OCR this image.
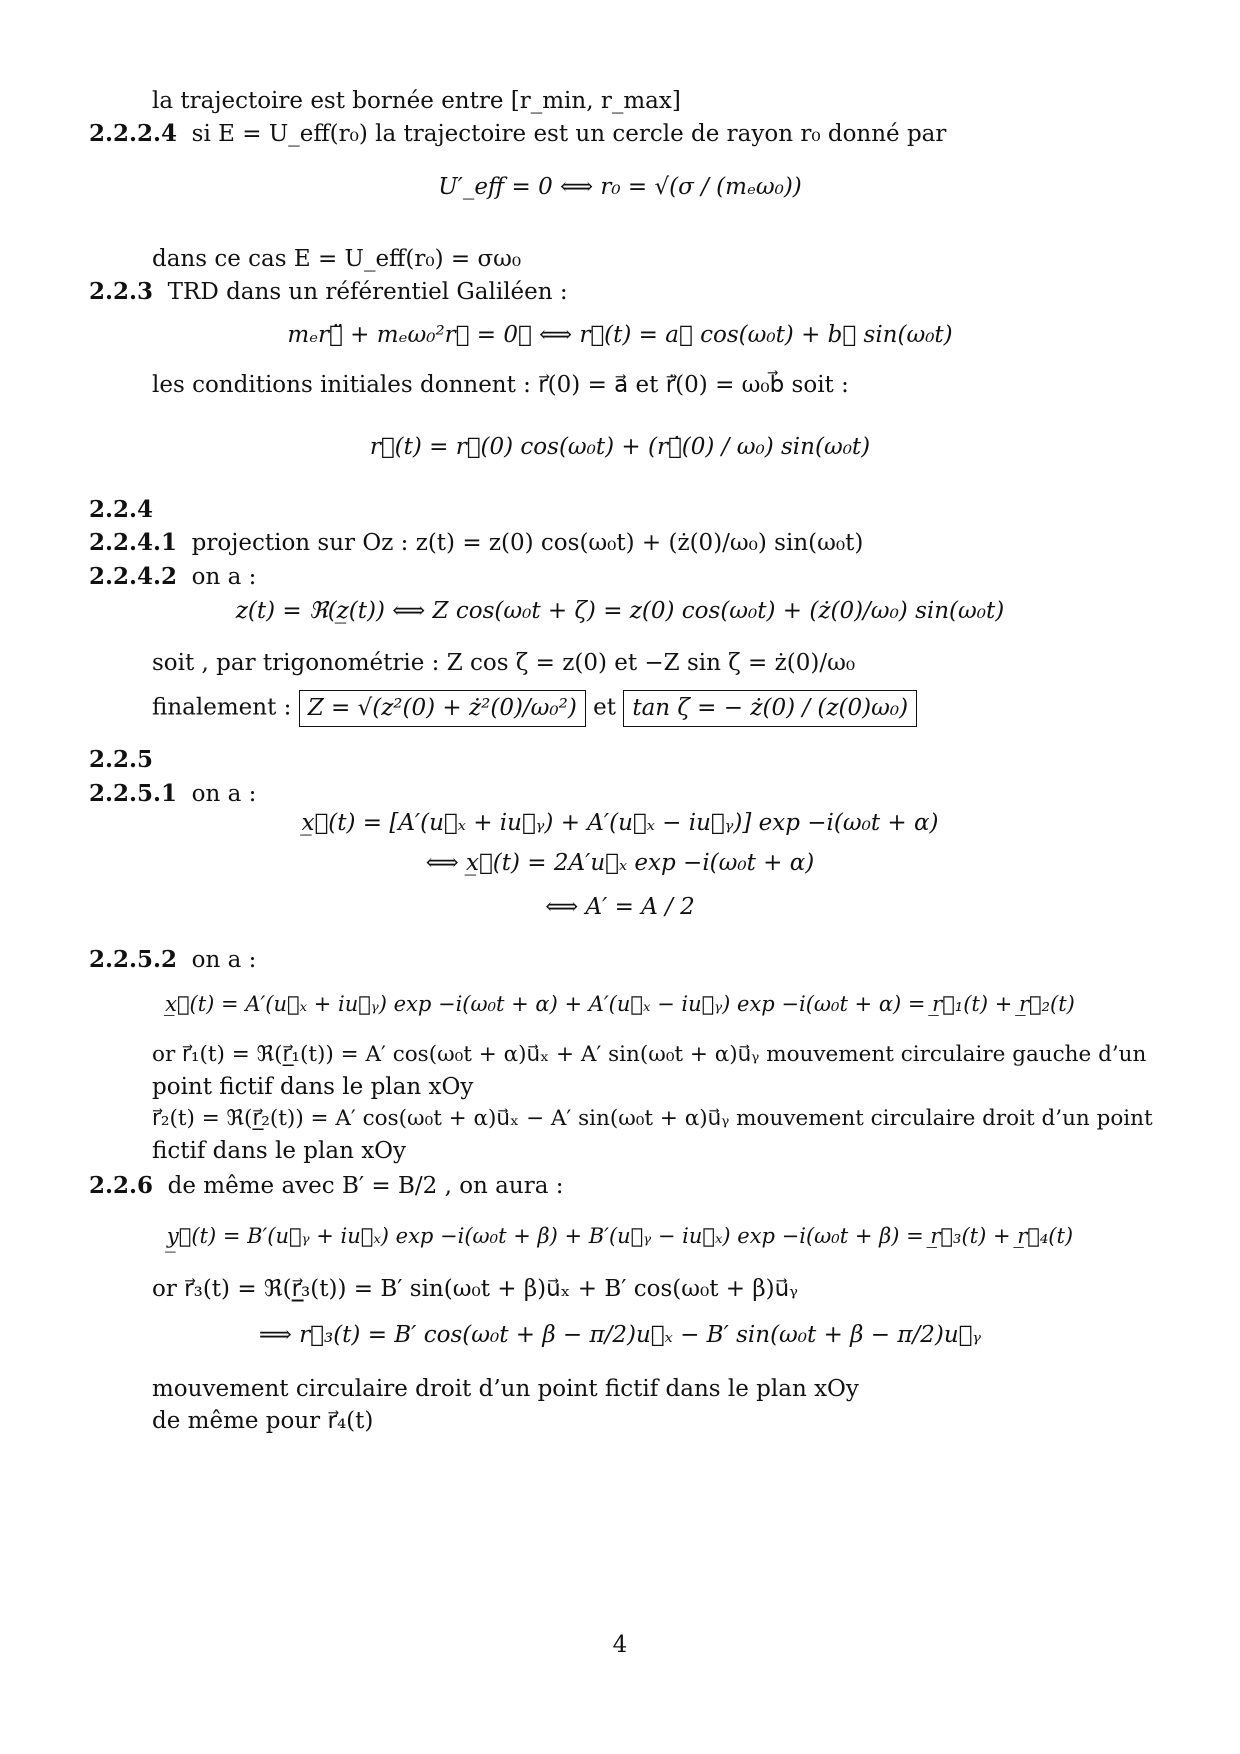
la trajectoire est bornée entre [r_min, r_max]
2.2.2.4 si E = U_eff(r₀) la trajectoire est un cercle de rayon r₀ donné par
U′_eff = 0 ⟺ r₀ = √(σ / (mₑω₀))
dans ce cas E = U_eff(r₀) = σω₀
2.2.3 TRD dans un référentiel Galiléen :
mₑr⃗̈ + mₑω₀²r⃗ = 0⃗ ⟺ r⃗(t) = a⃗ cos(ω₀t) + b⃗ sin(ω₀t)
les conditions initiales donnent : r⃗(0) = a⃗ et r⃗̇(0) = ω₀b⃗ soit :
r⃗(t) = r⃗(0) cos(ω₀t) + (r⃗̇(0) / ω₀) sin(ω₀t)
2.2.4
2.2.4.1 projection sur Oz : z(t) = z(0) cos(ω₀t) + (ż(0)/ω₀) sin(ω₀t)
2.2.4.2 on a :
z(t) = ℜ(z̲(t)) ⟺ Z cos(ω₀t + ζ) = z(0) cos(ω₀t) + (ż(0)/ω₀) sin(ω₀t)
soit , par trigonométrie : Z cos ζ = z(0) et −Z sin ζ = ż(0)/ω₀
finalement : Z = √(z²(0) + ż²(0)/ω₀²) et tan ζ = − ż(0) / (z(0)ω₀)
2.2.5
2.2.5.1 on a :
x̲⃗(t) = [A′(u⃗ₓ + iu⃗ᵧ) + A′(u⃗ₓ − iu⃗ᵧ)] exp −i(ω₀t + α)
⟺ x̲⃗(t) = 2A′u⃗ₓ exp −i(ω₀t + α)
⟺ A′ = A / 2
2.2.5.2 on a :
x̲⃗(t) = A′(u⃗ₓ + iu⃗ᵧ) exp −i(ω₀t + α) + A′(u⃗ₓ − iu⃗ᵧ) exp −i(ω₀t + α) = r̲⃗₁(t) + r̲⃗₂(t)
or r⃗₁(t) = ℜ(r̲⃗₁(t)) = A′ cos(ω₀t + α)u⃗ₓ + A′ sin(ω₀t + α)u⃗ᵧ mouvement circulaire gauche d’un
point fictif dans le plan xOy
r⃗₂(t) = ℜ(r̲⃗₂(t)) = A′ cos(ω₀t + α)u⃗ₓ − A′ sin(ω₀t + α)u⃗ᵧ mouvement circulaire droit d’un point
fictif dans le plan xOy
2.2.6 de même avec B′ = B/2 , on aura :
y̲⃗(t) = B′(u⃗ᵧ + iu⃗ₓ) exp −i(ω₀t + β) + B′(u⃗ᵧ − iu⃗ₓ) exp −i(ω₀t + β) = r̲⃗₃(t) + r̲⃗₄(t)
or r⃗₃(t) = ℜ(r̲⃗₃(t)) = B′ sin(ω₀t + β)u⃗ₓ + B′ cos(ω₀t + β)u⃗ᵧ
⟹ r⃗₃(t) = B′ cos(ω₀t + β − π/2)u⃗ₓ − B′ sin(ω₀t + β − π/2)u⃗ᵧ
mouvement circulaire droit d’un point fictif dans le plan xOy
de même pour r⃗₄(t)
4
